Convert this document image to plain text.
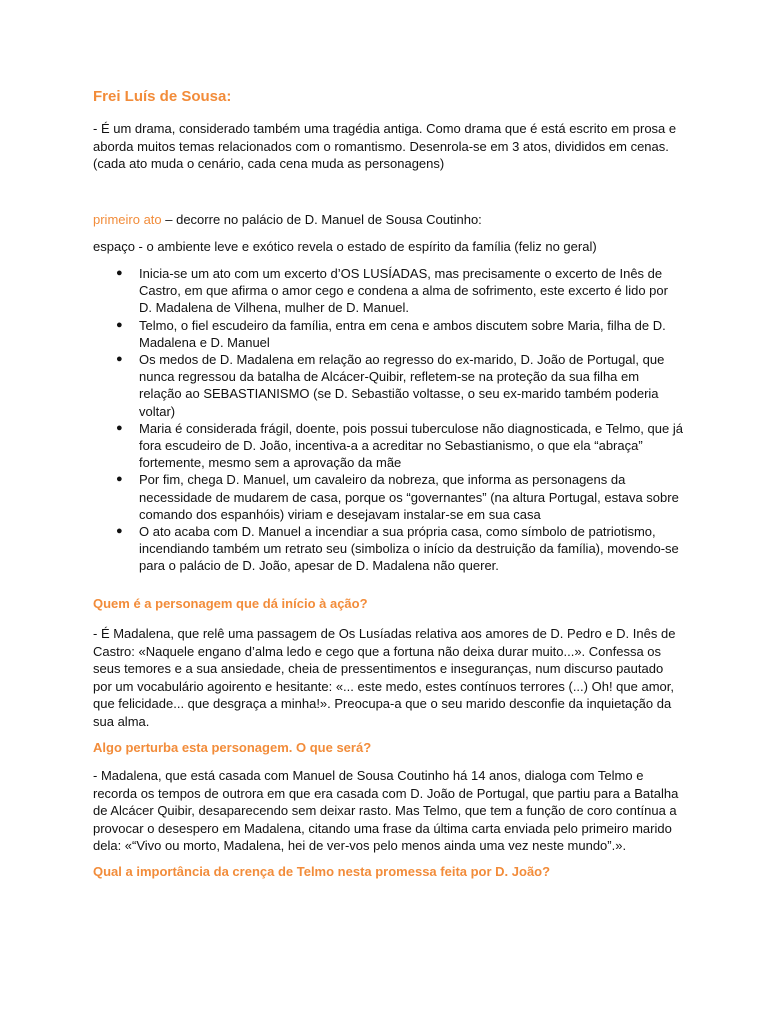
Frei Luís de Sousa:

- É um drama, considerado também uma tragédia antiga. Como drama que é está escrito em prosa e aborda muitos temas relacionados com o romantismo. Desenrola-se em 3 atos, divididos em cenas. (cada ato muda o cenário, cada cena muda as personagens)

primeiro ato – decorre no palácio de D. Manuel de Sousa Coutinho:

espaço - o ambiente leve e exótico revela o estado de espírito da família (feliz no geral)

● Inicia-se um ato com um excerto d’OS LUSÍADAS, mas precisamente o excerto de Inês de Castro, em que afirma o amor cego e condena a alma de sofrimento, este excerto é lido por D. Madalena de Vilhena, mulher de D. Manuel.
● Telmo, o fiel escudeiro da família, entra em cena e ambos discutem sobre Maria, filha de D. Madalena e D. Manuel
● Os medos de D. Madalena em relação ao regresso do ex-marido, D. João de Portugal, que nunca regressou da batalha de Alcácer-Quibir, refletem-se na proteção da sua filha em relação ao SEBASTIANISMO (se D. Sebastião voltasse, o seu ex-marido também poderia voltar)
● Maria é considerada frágil, doente, pois possui tuberculose não diagnosticada, e Telmo, que já fora escudeiro de D. João, incentiva-a a acreditar no Sebastianismo, o que ela “abraça” fortemente, mesmo sem a aprovação da mãe
● Por fim, chega D. Manuel, um cavaleiro da nobreza, que informa as personagens da necessidade de mudarem de casa, porque os “governantes” (na altura Portugal, estava sobre comando dos espanhóis) viriam e desejavam instalar-se em sua casa
● O ato acaba com D. Manuel a incendiar a sua própria casa, como símbolo de patriotismo, incendiando também um retrato seu (simboliza o início da destruição da família), movendo-se para o palácio de D. João, apesar de D. Madalena não querer.

Quem é a personagem que dá início à ação?

- É Madalena, que relê uma passagem de Os Lusíadas relativa aos amores de D. Pedro e D. Inês de Castro: «Naquele engano d’alma ledo e cego que a fortuna não deixa durar muito...». Confessa os seus temores e a sua ansiedade, cheia de pressentimentos e inseguranças, num discurso pautado por um vocabulário agoirento e hesitante: «... este medo, estes contínuos terrores (...) Oh! que amor, que felicidade... que desgraça a minha!». Preocupa-a que o seu marido desconfie da inquietação da sua alma.

Algo perturba esta personagem. O que será?

- Madalena, que está casada com Manuel de Sousa Coutinho há 14 anos, dialoga com Telmo e recorda os tempos de outrora em que era casada com D. João de Portugal, que partiu para a Batalha de Alcácer Quibir, desaparecendo sem deixar rasto. Mas Telmo, que tem a função de coro contínua a provocar o desespero em Madalena, citando uma frase da última carta enviada pelo primeiro marido dela: «“Vivo ou morto, Madalena, hei de ver-vos pelo menos ainda uma vez neste mundo”.».

Qual a importância da crença de Telmo nesta promessa feita por D. João?
